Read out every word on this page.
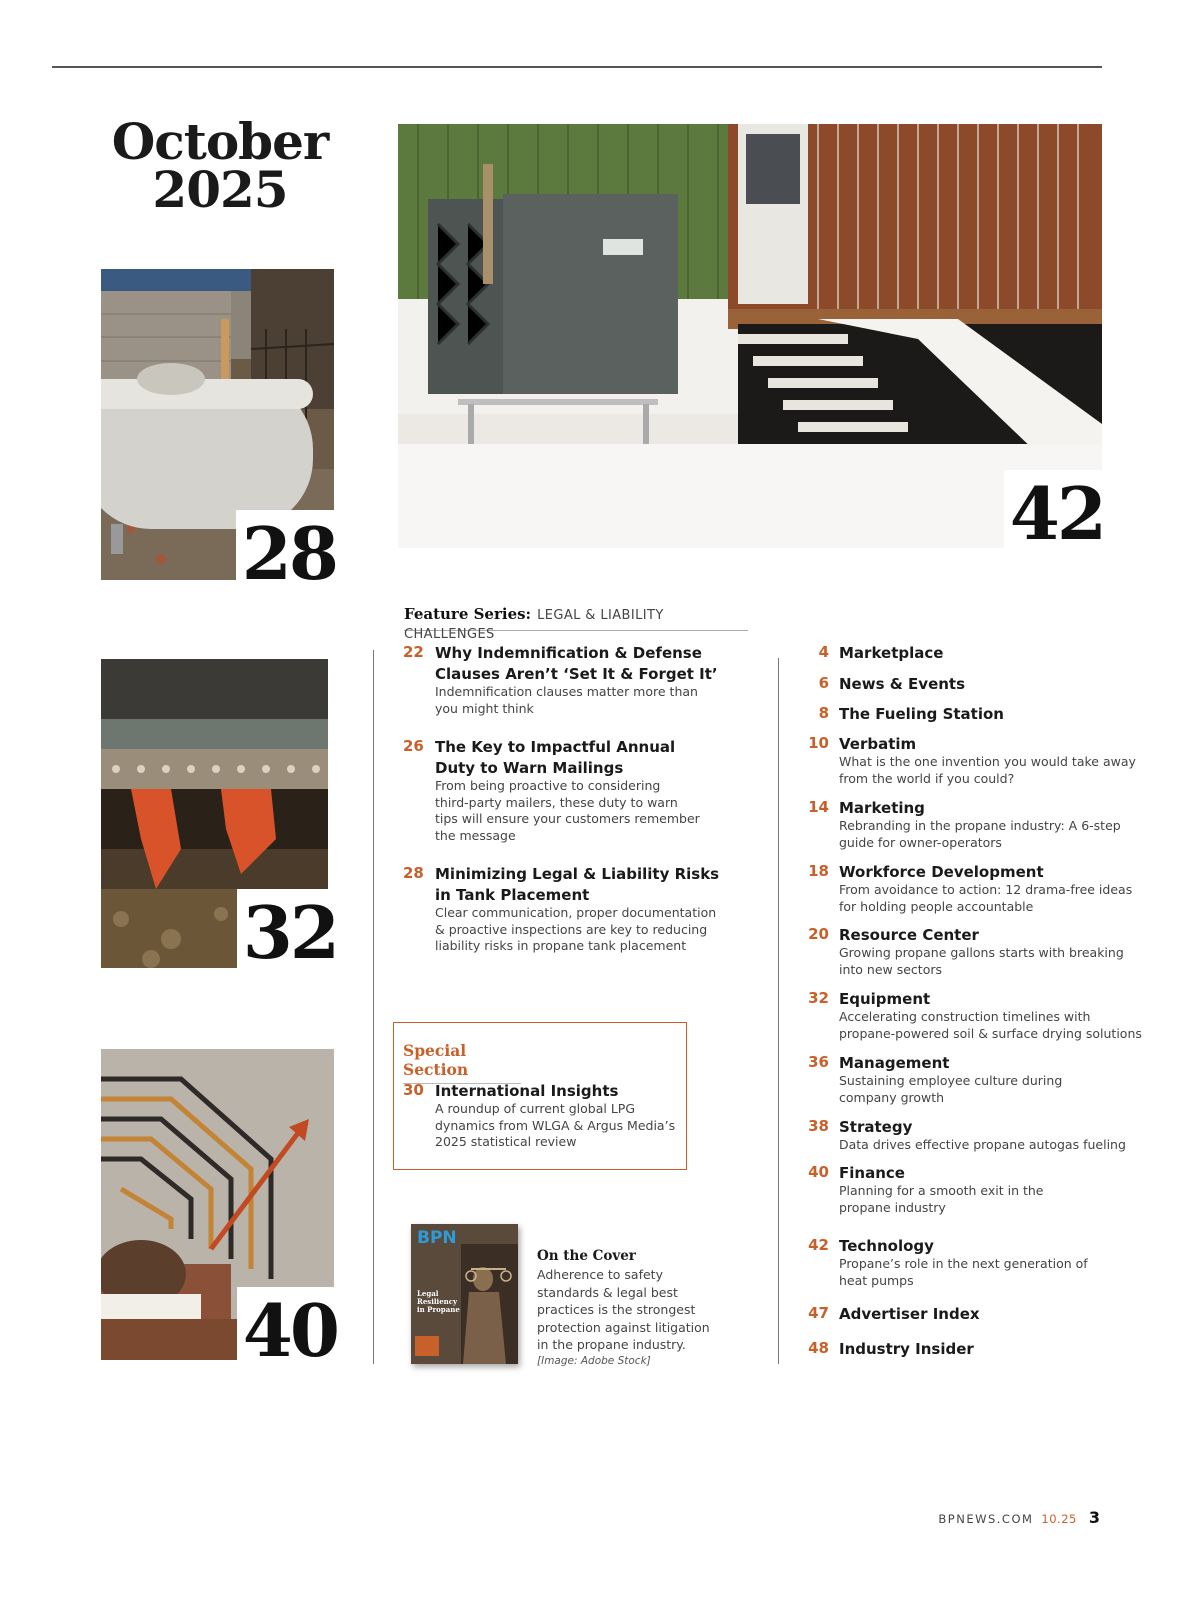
October
2025
28
32
40
42
Feature Series: LEGAL & LIABILITY CHALLENGES
22 Why Indemnification & Defense
Clauses Aren’t ‘Set It & Forget It’
Indemnification clauses matter more than
you might think
26 The Key to Impactful Annual
Duty to Warn Mailings
From being proactive to considering
third-party mailers, these duty to warn
tips will ensure your customers remember
the message
28 Minimizing Legal & Liability Risks
in Tank Placement
Clear communication, proper documentation
& proactive inspections are key to reducing
liability risks in propane tank placement
Special Section
30 International Insights
A roundup of current global LPG
dynamics from WLGA & Argus Media’s
2025 statistical review
BPN
Legal
Resiliency
in Propane
On the Cover
Adherence to safety
standards & legal best
practices is the strongest
protection against litigation
in the propane industry.
[Image: Adobe Stock]
4 Marketplace
6 News & Events
8 The Fueling Station
10 Verbatim
What is the one invention you would take away
from the world if you could?
14 Marketing
Rebranding in the propane industry: A 6-step
guide for owner-operators
18 Workforce Development
From avoidance to action: 12 drama-free ideas
for holding people accountable
20 Resource Center
Growing propane gallons starts with breaking
into new sectors
32 Equipment
Accelerating construction timelines with
propane-powered soil & surface drying solutions
36 Management
Sustaining employee culture during
company growth
38 Strategy
Data drives effective propane autogas fueling
40 Finance
Planning for a smooth exit in the
propane industry
42 Technology
Propane’s role in the next generation of
heat pumps
47 Advertiser Index
48 Industry Insider
BPNEWS.COM 10.25 3
